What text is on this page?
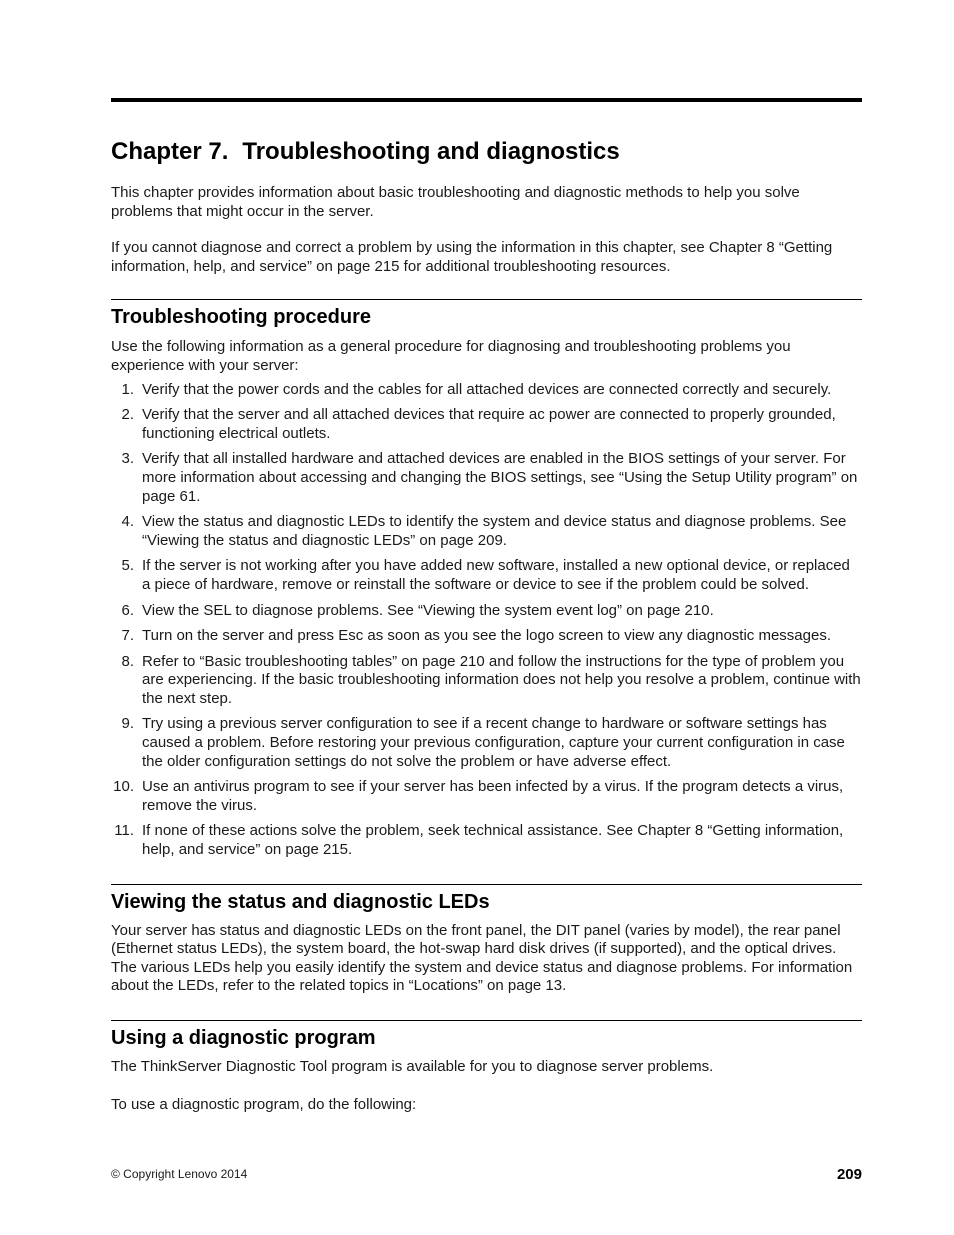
Chapter 7. Troubleshooting and diagnostics

This chapter provides information about basic troubleshooting and diagnostic methods to help you solve problems that might occur in the server.

If you cannot diagnose and correct a problem by using the information in this chapter, see Chapter 8 “Getting information, help, and service” on page 215 for additional troubleshooting resources.

Troubleshooting procedure

Use the following information as a general procedure for diagnosing and troubleshooting problems you experience with your server:

1. Verify that the power cords and the cables for all attached devices are connected correctly and securely.
2. Verify that the server and all attached devices that require ac power are connected to properly grounded, functioning electrical outlets.
3. Verify that all installed hardware and attached devices are enabled in the BIOS settings of your server. For more information about accessing and changing the BIOS settings, see “Using the Setup Utility program” on page 61.
4. View the status and diagnostic LEDs to identify the system and device status and diagnose problems. See “Viewing the status and diagnostic LEDs” on page 209.
5. If the server is not working after you have added new software, installed a new optional device, or replaced a piece of hardware, remove or reinstall the software or device to see if the problem could be solved.
6. View the SEL to diagnose problems. See “Viewing the system event log” on page 210.
7. Turn on the server and press Esc as soon as you see the logo screen to view any diagnostic messages.
8. Refer to “Basic troubleshooting tables” on page 210 and follow the instructions for the type of problem you are experiencing. If the basic troubleshooting information does not help you resolve a problem, continue with the next step.
9. Try using a previous server configuration to see if a recent change to hardware or software settings has caused a problem. Before restoring your previous configuration, capture your current configuration in case the older configuration settings do not solve the problem or have adverse effect.
10. Use an antivirus program to see if your server has been infected by a virus. If the program detects a virus, remove the virus.
11. If none of these actions solve the problem, seek technical assistance. See Chapter 8 “Getting information, help, and service” on page 215.
Viewing the status and diagnostic LEDs

Your server has status and diagnostic LEDs on the front panel, the DIT panel (varies by model), the rear panel (Ethernet status LEDs), the system board, the hot-swap hard disk drives (if supported), and the optical drives. The various LEDs help you easily identify the system and device status and diagnose problems. For information about the LEDs, refer to the related topics in “Locations” on page 13.

Using a diagnostic program

The ThinkServer Diagnostic Tool program is available for you to diagnose server problems.

To use a diagnostic program, do the following:

© Copyright Lenovo 2014	209
